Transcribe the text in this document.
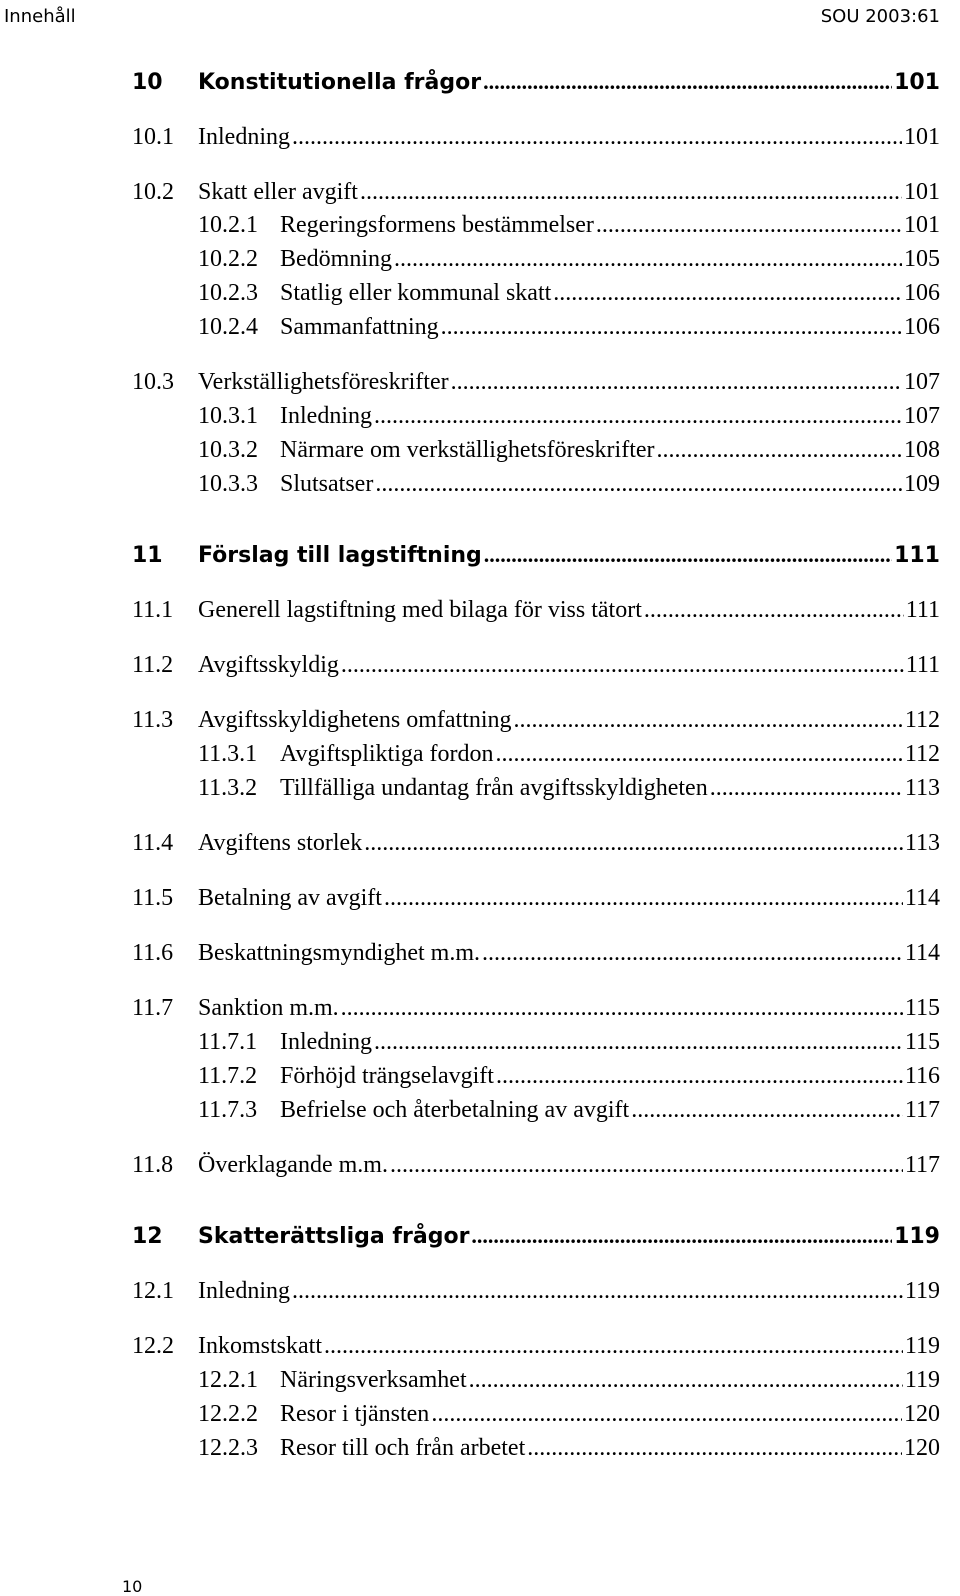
Innehåll	SOU 2003:61
10	Konstitutionella frågor .....	101
10.1	Inledning .....	101
10.2	Skatt eller avgift .....	101
10.2.1 Regeringsformens bestämmelser .....	101
10.2.2 Bedömning .....	105
10.2.3 Statlig eller kommunal skatt .....	106
10.2.4 Sammanfattning .....	106
10.3	Verkställighetsföreskrifter .....	107
10.3.1 Inledning .....	107
10.3.2 Närmare om verkställighetsföreskrifter .....	108
10.3.3 Slutsatser .....	109
11	Förslag till lagstiftning .....	111
11.1	Generell lagstiftning med bilaga för viss tätort .....	111
11.2	Avgiftsskyldig .....	111
11.3	Avgiftsskyldighetens omfattning .....	112
11.3.1 Avgiftspliktiga fordon .....	112
11.3.2 Tillfälliga undantag från avgiftsskyldigheten .....	113
11.4	Avgiftens storlek .....	113
11.5	Betalning av avgift .....	114
11.6	Beskattningsmyndighet m.m. .....	114
11.7	Sanktion m.m. .....	115
11.7.1 Inledning .....	115
11.7.2 Förhöjd trängselavgift .....	116
11.7.3 Befrielse och återbetalning av avgift .....	117
11.8	Överklagande m.m. .....	117
12	Skatterättsliga frågor .....	119
12.1	Inledning .....	119
12.2	Inkomstskatt .....	119
12.2.1 Näringsverksamhet .....	119
12.2.2 Resor i tjänsten .....	120
12.2.3 Resor till och från arbetet .....	120
10
